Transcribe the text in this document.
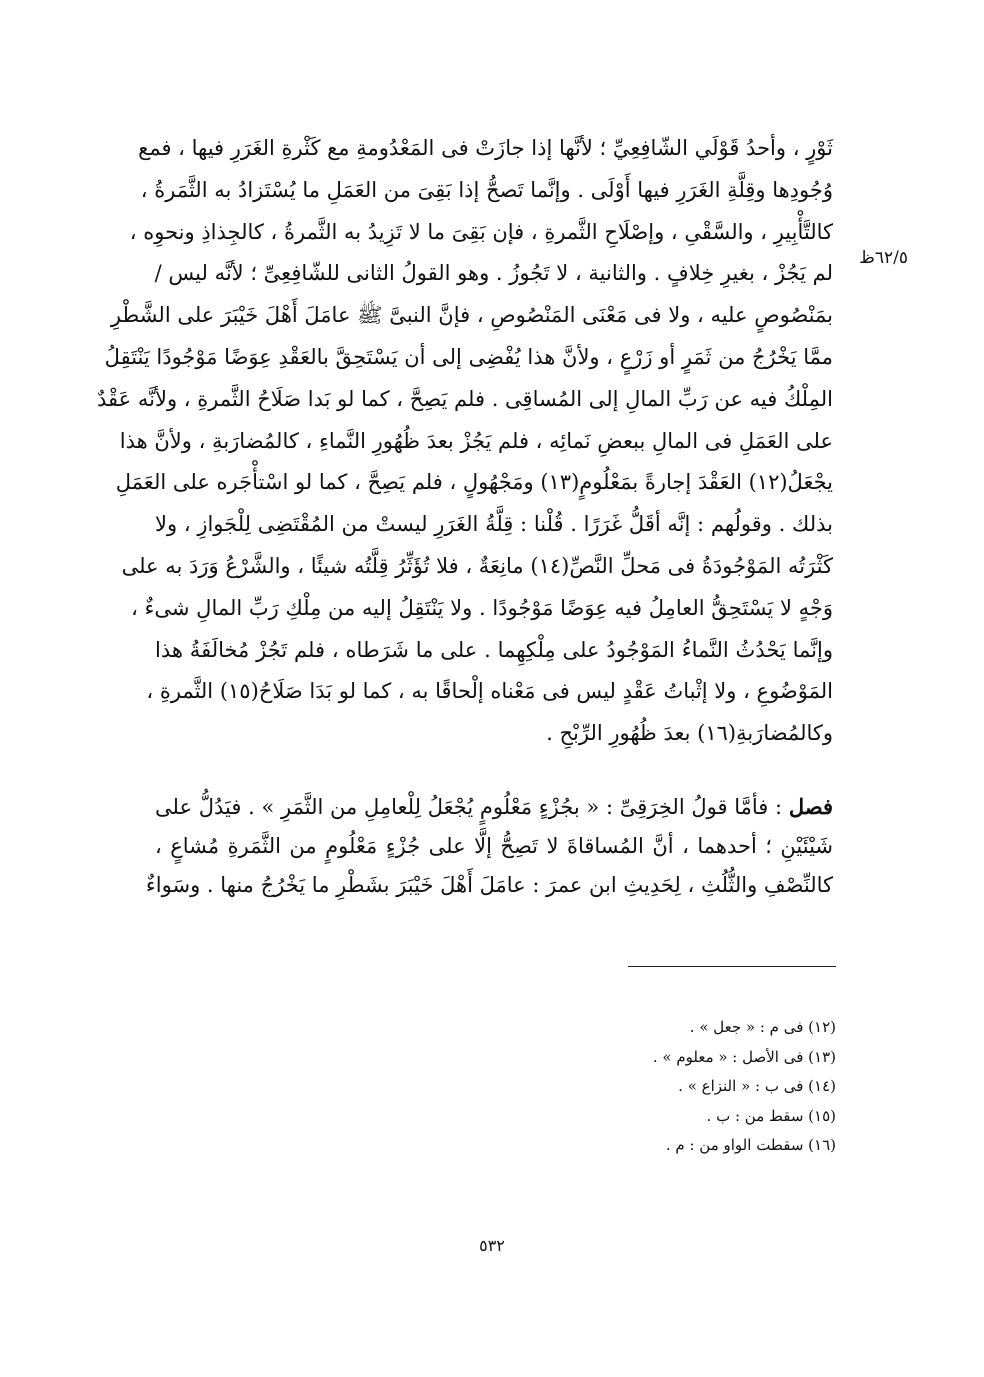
٦٢/٥ظ
ثَوْرٍ ، وأحدُ قَوْلَي الشّافِعِيِّ ؛ لأنَّها إذا جازَتْ فى المَعْدُومةِ مع كَثْرةِ الغَرَرِ فيها ، فمع
وُجُودِها وقِلَّةِ الغَرَرِ فيها أَوْلَى . وإنَّما تَصحُّ إذا بَقِىَ من العَمَلِ ما يُسْتَزادُ به الثَّمَرةُ ،
كالتَّأْبِيرِ ، والسَّقْىِ ، وإصْلَاحِ الثَّمرةِ ، فإن بَقِىَ ما لا تَزِيدُ به الثَّمرةُ ، كالجِذاذِ ونحوِه ،
لم يَجُزْ ، بغيرِ خِلافٍ . والثانية ، لا تَجُوزُ . وهو القولُ الثانى للشّافِعِىِّ ؛ لأنَّه ليس /
بمَنْصُوصٍ عليه ، ولا فى مَعْنَى المَنْصُوصِ ، فإنَّ النبىَّ ﷺ عامَلَ أَهْلَ خَيْبَرَ على الشَّطْرِ
ممَّا يَخْرُجُ من ثَمَرٍ أو زَرْعٍ ، ولأنَّ هذا يُفْضِى إلى أن يَسْتَحِقَّ بالعَقْدِ عِوَضًا مَوْجُودًا يَنْتَقِلُ
المِلْكُ فيه عن رَبِّ المالِ إلى المُساقِى . فلم يَصِحَّ ، كما لو بَدا صَلَاحُ الثَّمرةِ ، ولأنَّه عَقْدٌ
على العَمَلِ فى المالِ ببعضِ نَمائِه ، فلم يَجُزْ بعدَ ظُهُورِ النَّماءِ ، كالمُضارَبةِ ، ولأنَّ هذا
يجْعَلُ(١٢) العَقْدَ إجارةً بمَعْلُومٍ(١٣) ومَجْهُولٍ ، فلم يَصِحَّ ، كما لو اسْتأْجَره على العَمَلِ
بذلك . وقولُهم : إنَّه أقَلُّ غَرَرًا . قُلْنا : قِلَّةُ الغَرَرِ ليستْ من المُقْتَضِى لِلْجَوازِ ، ولا
كَثْرَتُه المَوْجُودَةُ فى مَحلِّ النَّصِّ(١٤) مانِعَةٌ ، فلا تُؤَثِّرُ قِلَّتُه شيئًا ، والشَّرْعُ وَرَدَ به على
وَجْهٍ لا يَسْتَحِقُّ العامِلُ فيه عِوَضًا مَوْجُودًا . ولا يَنْتَقِلُ إليه من مِلْكِ رَبِّ المالِ شىءٌ ،
وإنَّما يَحْدُثُ النَّماءُ المَوْجُودُ على مِلْكِهِما . على ما شَرَطاه ، فلم تَجُزْ مُخالَفَةُ هذا
المَوْضُوعِ ، ولا إثْباتُ عَقْدٍ ليس فى مَعْناه إلْحاقًا به ، كما لو بَدَا صَلَاحُ(١٥) الثَّمرةِ ،
وكالمُضارَبةِ(١٦) بعدَ ظُهُورِ الرِّبْحِ .
فصل : فأمَّا قولُ الخِرَقِىِّ : « بجُزْءٍ مَعْلُومٍ يُجْعَلُ لِلْعامِلِ من الثَّمَرِ » . فيَدُلُّ على
شَيْئَيْنِ ؛ أحدهما ، أنَّ المُساقاةَ لا تَصِحُّ إلَّا على جُزْءٍ مَعْلُومٍ من الثَّمَرةِ مُشاعٍ ،
كالنِّصْفِ والثُّلُثِ ، لِحَدِيثِ ابن عمرَ : عامَلَ أَهْلَ خَيْبَرَ بشَطْرِ ما يَخْرُجُ منها . وسَواءٌ
(١٢) فى م : « جعل » .
(١٣) فى الأصل : « معلوم » .
(١٤) فى ب : « النزاع » .
(١٥) سقط من : ب .
(١٦) سقطت الواو من : م .
٥٣٢
